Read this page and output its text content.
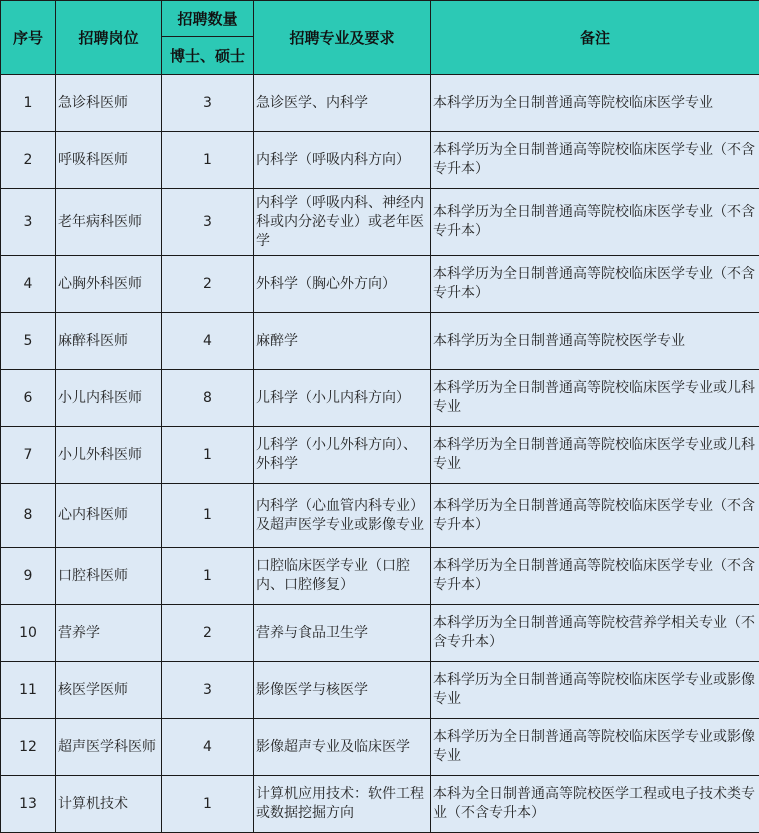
序号	招聘岗位	招聘数量	招聘专业及要求	备注
		博士、硕士		
1	急诊科医师	3	急诊医学、内科学	本科学历为全日制普通高等院校临床医学专业
2	呼吸科医师	1	内科学（呼吸内科方向）	本科学历为全日制普通高等院校临床医学专业（不含专升本）
3	老年病科医师	3	内科学（呼吸内科、神经内科或内分泌专业）或老年医学	本科学历为全日制普通高等院校临床医学专业（不含专升本）
4	心胸外科医师	2	外科学（胸心外方向）	本科学历为全日制普通高等院校临床医学专业（不含专升本）
5	麻醉科医师	4	麻醉学	本科学历为全日制普通高等院校医学专业
6	小儿内科医师	8	儿科学（小儿内科方向）	本科学历为全日制普通高等院校临床医学专业或儿科专业
7	小儿外科医师	1	儿科学（小儿外科方向）、外科学	本科学历为全日制普通高等院校临床医学专业或儿科专业
8	心内科医师	1	内科学（心血管内科专业）及超声医学专业或影像专业	本科学历为全日制普通高等院校临床医学专业（不含专升本）
9	口腔科医师	1	口腔临床医学专业（口腔内、口腔修复）	本科学历为全日制普通高等院校临床医学专业（不含专升本）
10	营养学	2	营养与食品卫生学	本科学历为全日制普通高等院校营养学相关专业（不含专升本）
11	核医学医师	3	影像医学与核医学	本科学历为全日制普通高等院校临床医学专业或影像专业
12	超声医学科医师	4	影像超声专业及临床医学	本科学历为全日制普通高等院校临床医学专业或影像专业
13	计算机技术	1	计算机应用技术：软件工程或数据挖掘方向	本科为全日制普通高等院校医学工程或电子技术类专业（不含专升本）
